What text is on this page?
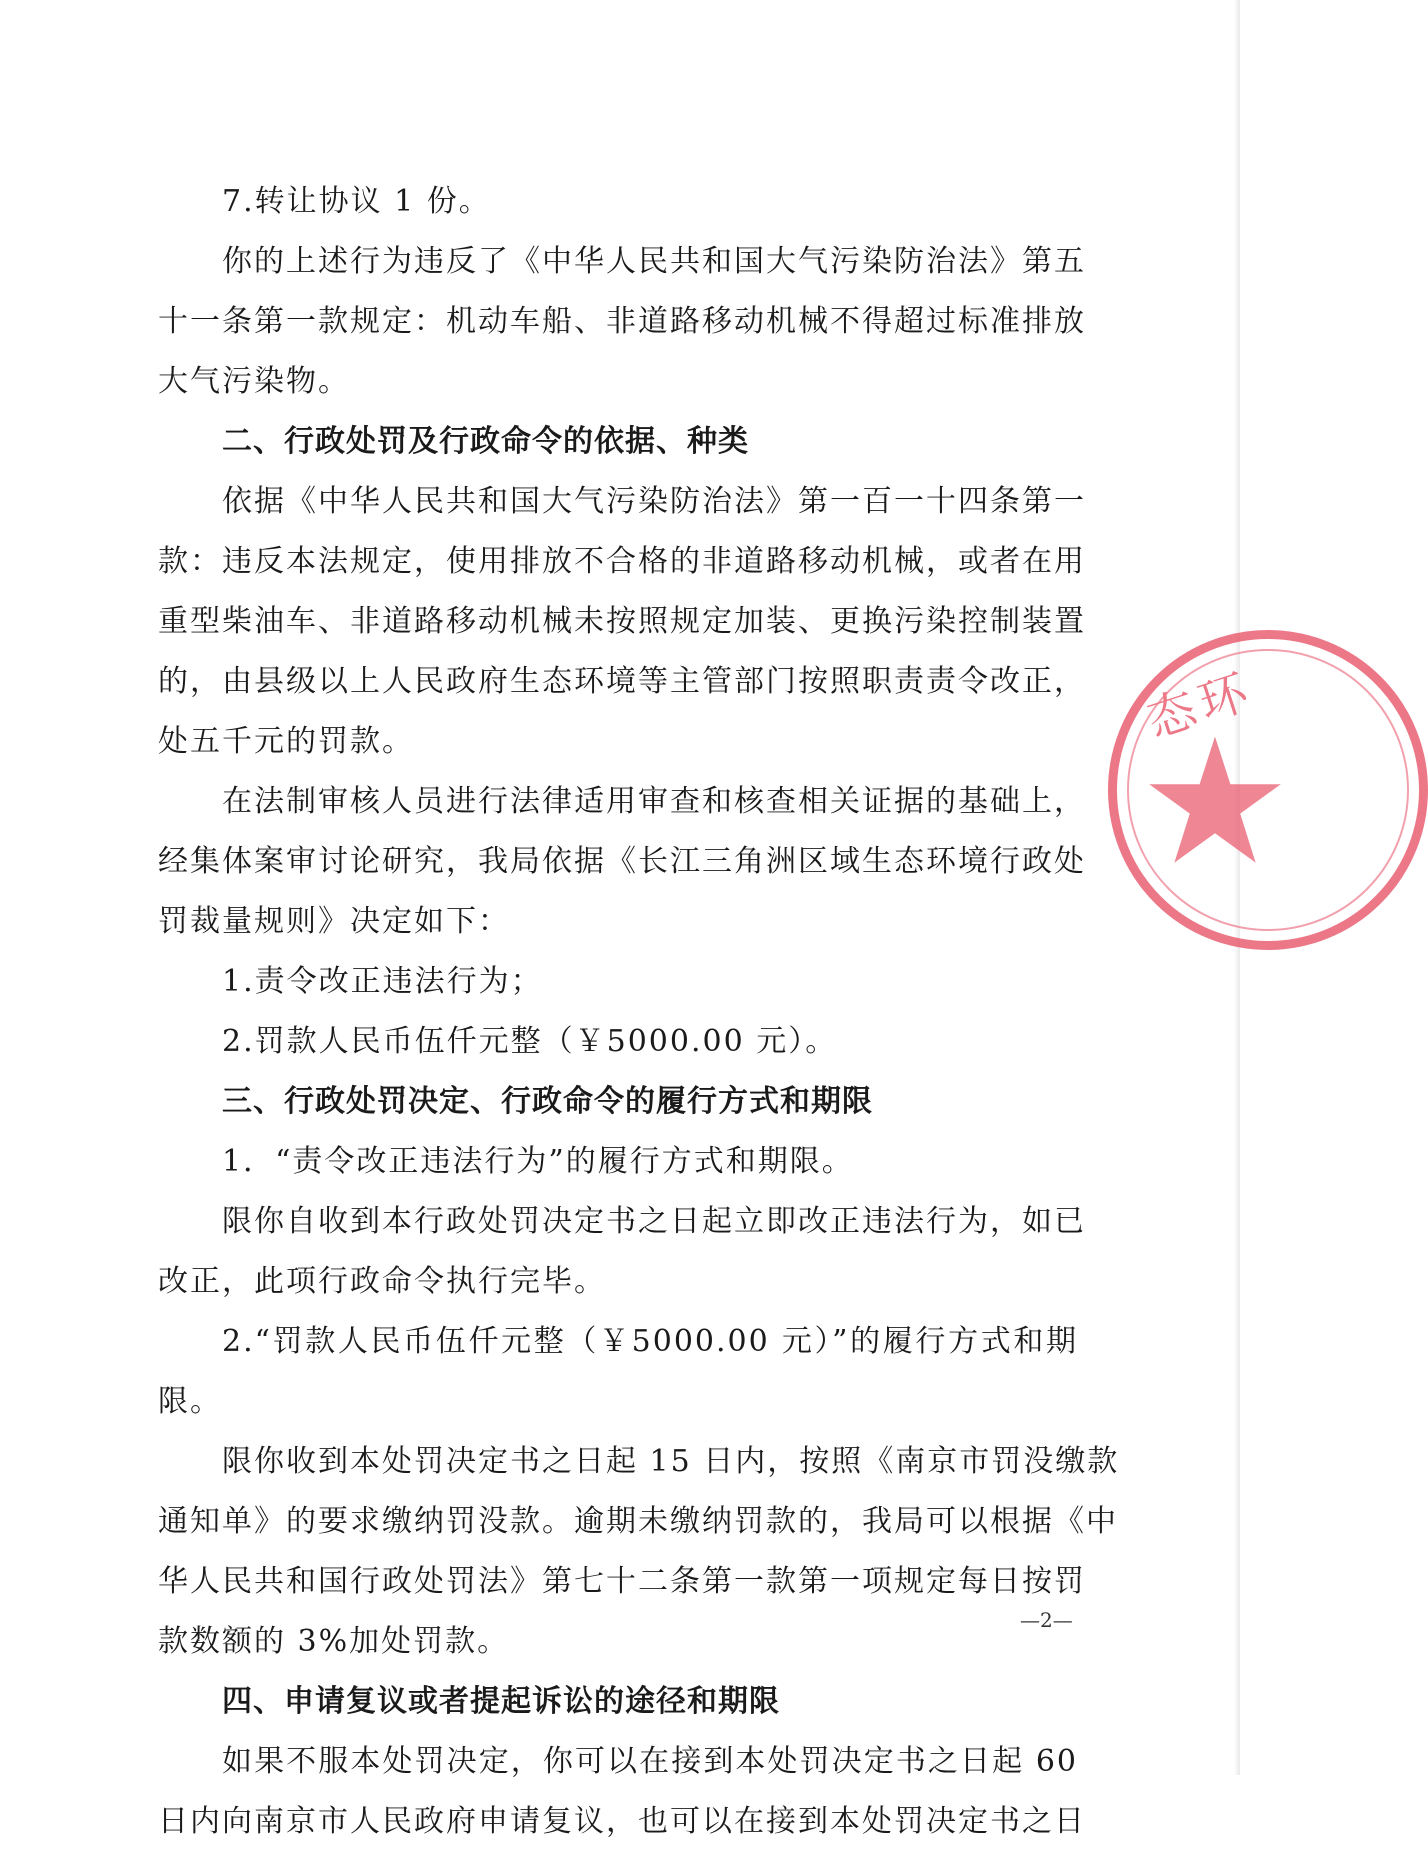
7.转让协议 1 份。
你的上述行为违反了《中华人民共和国大气污染防治法》第五
十一条第一款规定：机动车船、非道路移动机械不得超过标准排放
大气污染物。
二、行政处罚及行政命令的依据、种类
依据《中华人民共和国大气污染防治法》第一百一十四条第一
款：违反本法规定，使用排放不合格的非道路移动机械，或者在用
重型柴油车、非道路移动机械未按照规定加装、更换污染控制装置
的，由县级以上人民政府生态环境等主管部门按照职责责令改正，
处五千元的罚款。
在法制审核人员进行法律适用审查和核查相关证据的基础上，
经集体案审讨论研究，我局依据《长江三角洲区域生态环境行政处
罚裁量规则》决定如下：
1.责令改正违法行为；
2.罚款人民币伍仟元整（￥5000.00 元）。
三、行政处罚决定、行政命令的履行方式和期限
1．“责令改正违法行为”的履行方式和期限。
限你自收到本行政处罚决定书之日起立即改正违法行为，如已
改正，此项行政命令执行完毕。
2.“罚款人民币伍仟元整（￥5000.00 元）”的履行方式和期
限。
限你收到本处罚决定书之日起 15 日内，按照《南京市罚没缴款
通知单》的要求缴纳罚没款。逾期未缴纳罚款的，我局可以根据《中
华人民共和国行政处罚法》第七十二条第一款第一项规定每日按罚
款数额的 3%加处罚款。
四、申请复议或者提起诉讼的途径和期限
如果不服本处罚决定，你可以在接到本处罚决定书之日起 60
日内向南京市人民政府申请复议，也可以在接到本处罚决定书之日
态环
—2—
